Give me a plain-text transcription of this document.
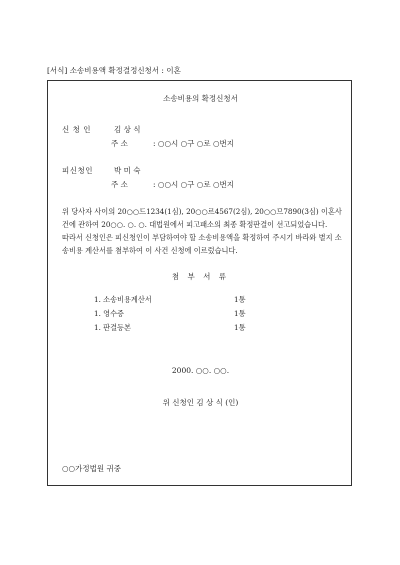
[서식] 소송비용액 확정결정신청서 : 이혼
소송비용의 확정신청서
신 청 인	김 상 식
주 소	: ○○시 ○구 ○로 ○번지
피신청인	박 미 숙
주 소	: ○○시 ○구 ○로 ○번지

위 당사자 사이의 20○○드1234(1심), 20○○르4567(2심), 20○○므7890(3심) 이혼사건에 관하여 20○○. ○. ○. 대법원에서 피고패소의 최종 확정판결이 선고되었습니다.

따라서 신청인은 피신청인이 부담하여야 할 소송비용액을 확정하여 주시기 바라와 별지 소송비용 계산서를 첨부하여 이 사건 신청에 이르렀습니다.

첨 부 서 류
1. 소송비용계산서	1통
1. 영수증	1통
1. 판결등본	1통
2000. ○○. ○○.
위 신청인 김 상 식 (인)
○○가정법원 귀중
